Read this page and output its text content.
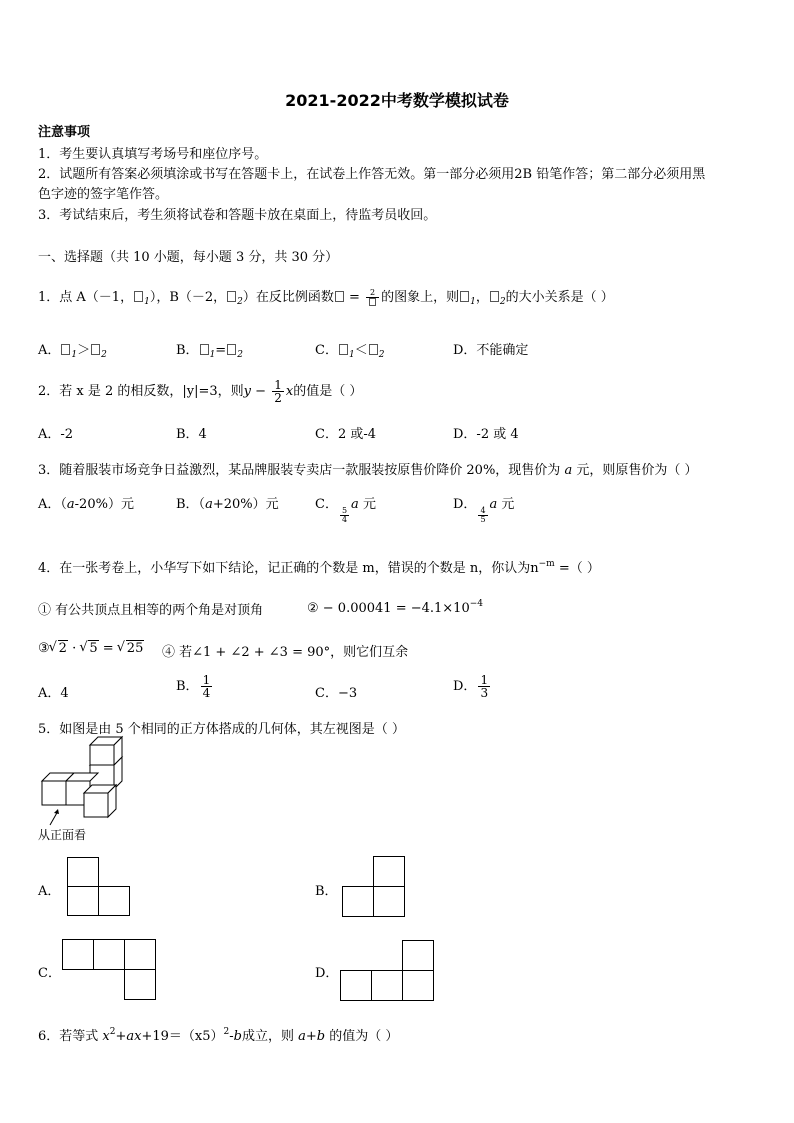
2021-2022中考数学模拟试卷
注意事项
1．考生要认真填写考场号和座位序号。
2．试题所有答案必须填涂或书写在答题卡上，在试卷上作答无效。第一部分必须用2B 铅笔作答；第二部分必须用黑
色字迹的签字笔作答。
3．考试结束后，考生须将试卷和答题卡放在桌面上，待监考员收回。
一、选择题（共 10 小题，每小题 3 分，共 30 分）
1．点 A（－1， $_1$），B（－2， $_2$）在反比例函数 = 2 的图象上，则 $_1$， $_2$的大小关系是（ ）
A． $_1$＞ $_2$	B． $_1$= $_2$	C． $_1$＜ $_2$	D．不能确定
2．若 x 是 2 的相反数，|y|=3，则$y - \frac{1}{2}$ x的值是（ ）
A．-2	B．4	C．2 或-4	D．-2 或 4
3．随着服装市场竞争日益激烈，某品牌服装专卖店一款服装按原售价降价 20%，现售价为 a 元，则原售价为（ ）
A．（a-20%）元	B．（a+20%）元	C．
$\frac{5}{4}$
a 元	D．
$\frac{4}{5}$
a 元
4．在一张考卷上，小华写下如下结论，记正确的个数是 m，错误的个数是 n，你认为$n^{-m}$ =（ ）
① 有公共顶点且相等的两个角是对顶角	② − $0.00041 = -4.1\times 10^{-4}$
③√ 2 · √ 5 = √ 25 ④ 若∠1 + ∠2 + ∠3 = 90°，则它们互余
A．4	B． $\frac{1}{4}$	C．−3	D． $\frac{1}{3}$
5．如图是由 5 个相同的正方体搭成的几何体，其左视图是（ ）
从正面看
A．	B．
C．	D．
6．若等式 $x^2+ax+19=(x5)^2-b$成立，则 a+b 的值为（ ）
